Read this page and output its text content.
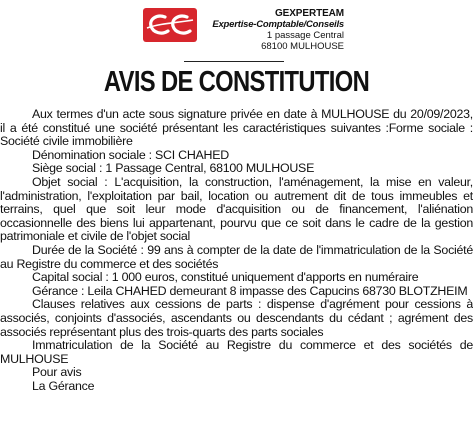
GEXPERTEAM
Expertise-Comptable/Conseils
1 passage Central
68100 MULHOUSE
AVIS DE CONSTITUTION

Aux termes d'un acte sous signature privée en date à MULHOUSE du 20/09/2023, il a été constitué une société présentant les caractéristiques suivantes :Forme sociale : Société civile immobilière

Dénomination sociale : SCI CHAHED

Siège social : 1 Passage Central, 68100 MULHOUSE

Objet social : L'acquisition, la construction, l'aménagement, la mise en valeur, l'administration, l'exploitation par bail, location ou autrement dit de tous immeubles et terrains, quel que soit leur mode d'acquisition ou de financement, l'aliénation occasionnelle des biens lui appartenant, pourvu que ce soit dans le cadre de la gestion patrimoniale et civile de l'objet social

Durée de la Société : 99 ans à compter de la date de l'immatriculation de la Société au Registre du commerce et des sociétés

Capital social : 1 000 euros, constitué uniquement d'apports en numéraire

Gérance : Leila CHAHED demeurant 8 impasse des Capucins 68730 BLOTZHEIM

Clauses relatives aux cessions de parts : dispense d'agrément pour cessions à associés, conjoints d'associés, ascendants ou descendants du cédant ; agrément des associés représentant plus des trois-quarts des parts sociales

Immatriculation de la Société au Registre du commerce et des sociétés de MULHOUSE

Pour avis

La Gérance
